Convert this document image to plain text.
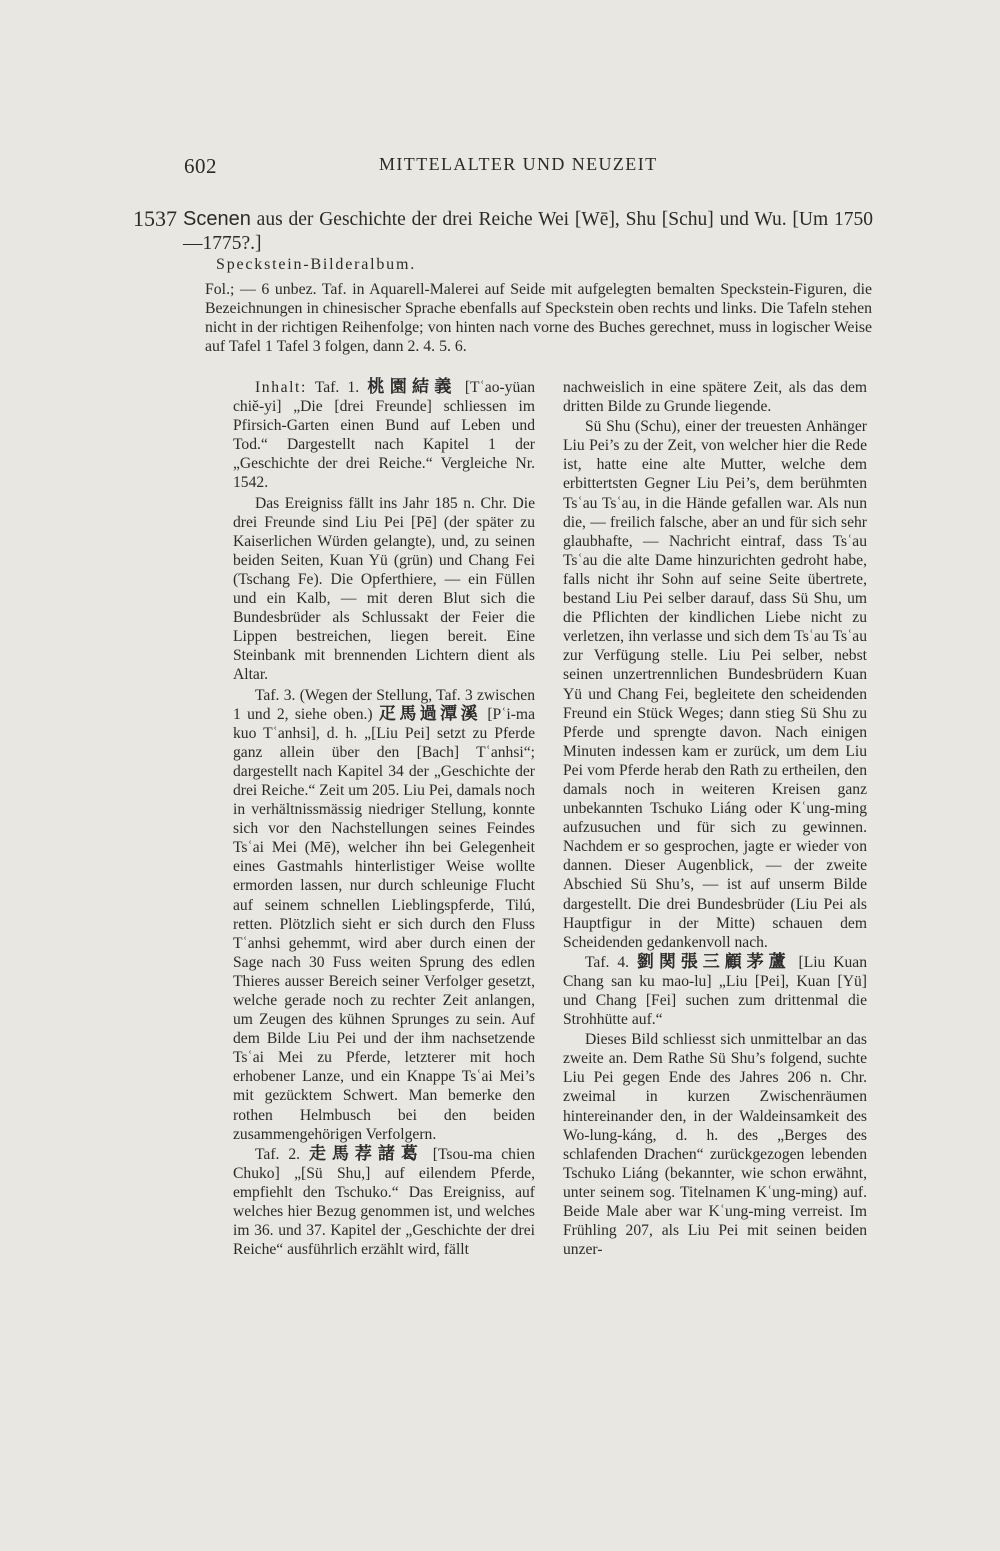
602	MITTELALTER UND NEUZEIT
1537 Scenen aus der Geschichte der drei Reiche Wei [Wē], Shu [Schu] und Wu. [Um 1750—1775?.]
Speckstein-Bilderalbum.

Fol.; — 6 unbez. Taf. in Aquarell-Malerei auf Seide mit aufgelegten bemalten Speckstein-Figuren, die Bezeichnungen in chinesischer Sprache ebenfalls auf Speckstein oben rechts und links. Die Tafeln stehen nicht in der richtigen Reihenfolge; von hinten nach vorne des Buches gerechnet, muss in logischer Weise auf Tafel 1 Tafel 3 folgen, dann 2. 4. 5. 6.

Inhalt: Taf. 1. 桃園結義 [Tʿao-yüan chiĕ-yi] „Die [drei Freunde] schliessen im Pfirsich-Garten einen Bund auf Leben und Tod.“ Dargestellt nach Kapitel 1 der „Geschichte der drei Reiche.“ Vergleiche Nr. 1542.

Das Ereigniss fällt ins Jahr 185 n. Chr. Die drei Freunde sind Liu Pei [Pē] (der später zu Kaiserlichen Würden gelangte), und, zu seinen beiden Seiten, Kuan Yü (grün) und Chang Fei (Tschang Fe). Die Opferthiere, — ein Füllen und ein Kalb, — mit deren Blut sich die Bundesbrüder als Schlussakt der Feier die Lippen bestreichen, liegen bereit. Eine Steinbank mit brennenden Lichtern dient als Altar.

Taf. 3. (Wegen der Stellung, Taf. 3 zwischen 1 und 2, siehe oben.) 疋馬過潭溪 [Pʿi-ma kuo Tʿanhsi], d. h. „[Liu Pei] setzt zu Pferde ganz allein über den [Bach] Tʿanhsi“; dargestellt nach Kapitel 34 der „Geschichte der drei Reiche.“ Zeit um 205. Liu Pei, damals noch in verhältnissmässig niedriger Stellung, konnte sich vor den Nachstellungen seines Feindes Tsʿai Mei (Mē), welcher ihn bei Gelegenheit eines Gastmahls hinterlistiger Weise wollte ermorden lassen, nur durch schleunige Flucht auf seinem schnellen Lieblingspferde, Tilú, retten. Plötzlich sieht er sich durch den Fluss Tʿanhsi gehemmt, wird aber durch einen der Sage nach 30 Fuss weiten Sprung des edlen Thieres ausser Bereich seiner Verfolger gesetzt, welche gerade noch zu rechter Zeit anlangen, um Zeugen des kühnen Sprunges zu sein. Auf dem Bilde Liu Pei und der ihm nachsetzende Tsʿai Mei zu Pferde, letzterer mit hoch erhobener Lanze, und ein Knappe Tsʿai Mei’s mit gezücktem Schwert. Man bemerke den rothen Helmbusch bei den beiden zusammengehörigen Verfolgern.

Taf. 2. 走馬荐諸葛 [Tsou-ma chien Chuko] „[Sü Shu,] auf eilendem Pferde, empfiehlt den Tschuko.“ Das Ereigniss, auf welches hier Bezug genommen ist, und welches im 36. und 37. Kapitel der „Geschichte der drei Reiche“ ausführlich erzählt wird, fällt

nachweislich in eine spätere Zeit, als das dem dritten Bilde zu Grunde liegende.

Sü Shu (Schu), einer der treuesten Anhänger Liu Pei’s zu der Zeit, von welcher hier die Rede ist, hatte eine alte Mutter, welche dem erbittertsten Gegner Liu Pei’s, dem berühmten Tsʿau Tsʿau, in die Hände gefallen war. Als nun die, — freilich falsche, aber an und für sich sehr glaubhafte, — Nachricht eintraf, dass Tsʿau Tsʿau die alte Dame hinzurichten gedroht habe, falls nicht ihr Sohn auf seine Seite übertrete, bestand Liu Pei selber darauf, dass Sü Shu, um die Pflichten der kindlichen Liebe nicht zu verletzen, ihn verlasse und sich dem Tsʿau Tsʿau zur Verfügung stelle. Liu Pei selber, nebst seinen unzertrennlichen Bundesbrüdern Kuan Yü und Chang Fei, begleitete den scheidenden Freund ein Stück Weges; dann stieg Sü Shu zu Pferde und sprengte davon. Nach einigen Minuten indessen kam er zurück, um dem Liu Pei vom Pferde herab den Rath zu ertheilen, den damals noch in weiteren Kreisen ganz unbekannten Tschuko Liáng oder Kʿung-ming aufzusuchen und für sich zu gewinnen. Nachdem er so gesprochen, jagte er wieder von dannen. Dieser Augenblick, — der zweite Abschied Sü Shu’s, — ist auf unserm Bilde dargestellt. Die drei Bundesbrüder (Liu Pei als Hauptfigur in der Mitte) schauen dem Scheidenden gedankenvoll nach.

Taf. 4. 劉関張三顧茅蘆 [Liu Kuan Chang san ku mao-lu] „Liu [Pei], Kuan [Yü] und Chang [Fei] suchen zum drittenmal die Strohhütte auf.“

Dieses Bild schliesst sich unmittelbar an das zweite an. Dem Rathe Sü Shu’s folgend, suchte Liu Pei gegen Ende des Jahres 206 n. Chr. zweimal in kurzen Zwischenräumen hintereinander den, in der Waldeinsamkeit des Wo-lung-káng, d. h. des „Berges des schlafenden Drachen“ zurückgezogen lebenden Tschuko Liáng (bekannter, wie schon erwähnt, unter seinem sog. Titelnamen Kʿung-ming) auf. Beide Male aber war Kʿung-ming verreist. Im Frühling 207, als Liu Pei mit seinen beiden unzer-
